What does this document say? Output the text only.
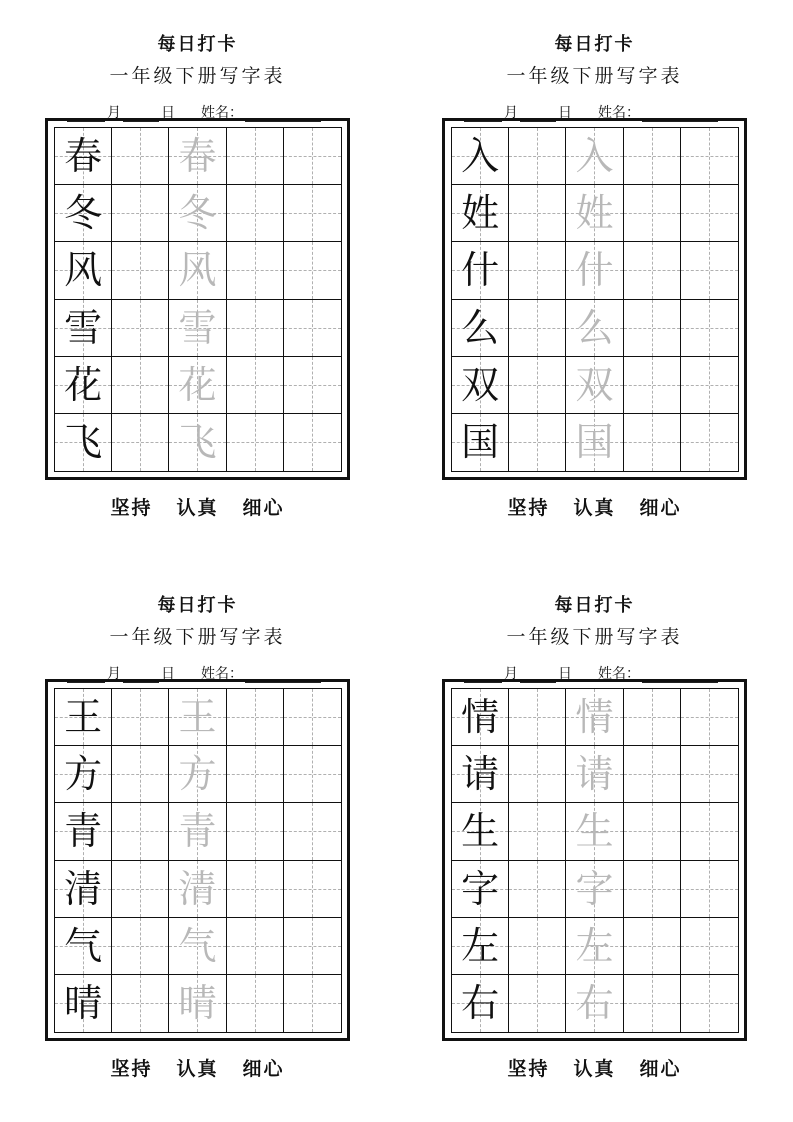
每日打卡
一年级下册写字表
月	日 姓名：
春 春
冬 冬
风 风
雪 雪
花 花
飞 飞
坚持 认真 细心
每日打卡
一年级下册写字表
月	日 姓名：
入 入
姓 姓
什 什
么 么
双 双
国 国
坚持 认真 细心
每日打卡
一年级下册写字表
月	日 姓名：
王 王
方 方
青 青
清 清
气 气
晴 晴
坚持 认真 细心
每日打卡
一年级下册写字表
月	日 姓名：
情 情
请 请
生 生
字 字
左 左
右 右
坚持 认真 细心
